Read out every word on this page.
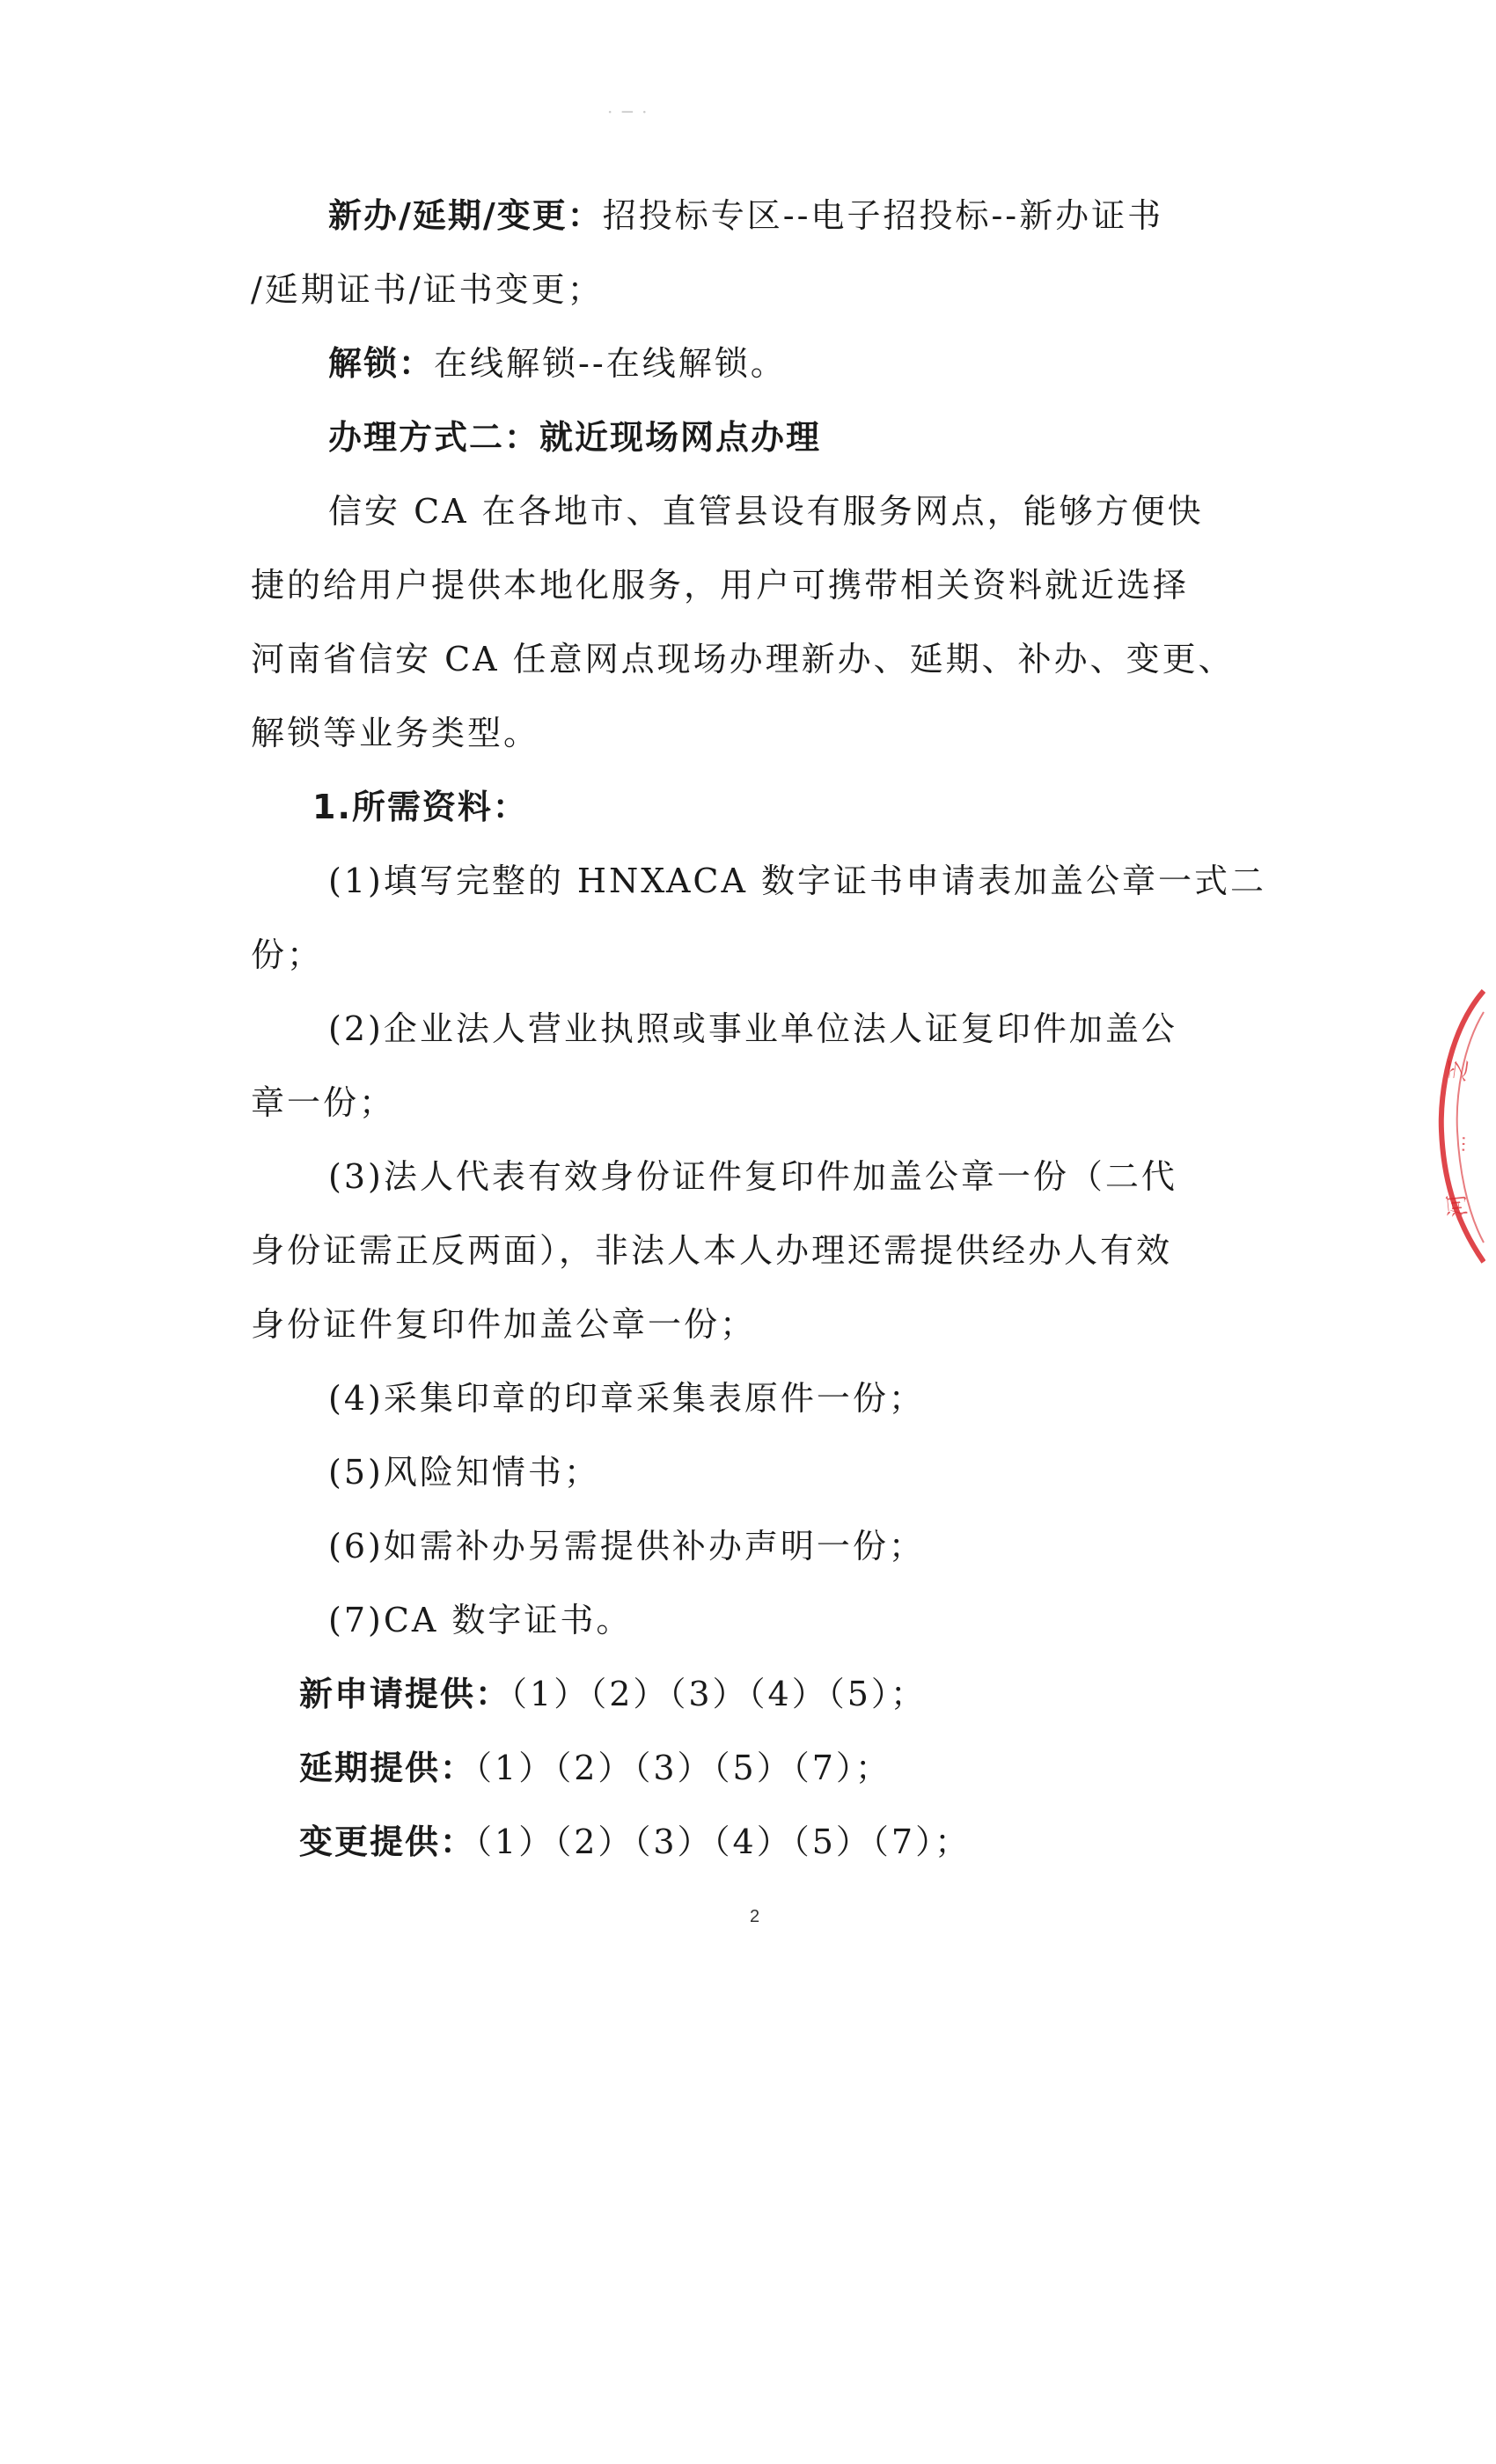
· ─ ·
新办/延期/变更：招投标专区--电子招投标--新办证书
/延期证书/证书变更；
解锁：在线解锁--在线解锁。
办理方式二：就近现场网点办理
信安 CA 在各地市、直管县设有服务网点，能够方便快
捷的给用户提供本地化服务，用户可携带相关资料就近选择
河南省信安 CA 任意网点现场办理新办、延期、补办、变更、
解锁等业务类型。
1.所需资料：
(1)填写完整的 HNXACA 数字证书申请表加盖公章一式二
份；
(2)企业法人营业执照或事业单位法人证复印件加盖公
章一份；
(3)法人代表有效身份证件复印件加盖公章一份（二代
身份证需正反两面），非法人本人办理还需提供经办人有效
身份证件复印件加盖公章一份；
(4)采集印章的印章采集表原件一份；
(5)风险知情书；
(6)如需补办另需提供补办声明一份；
(7)CA 数字证书。
新申请提供：（1）（2）（3）（4）（5）；
延期提供：（1）（2）（3）（5）（7）；
变更提供：（1）（2）（3）（4）（5）（7）；
2
乏
…
河
